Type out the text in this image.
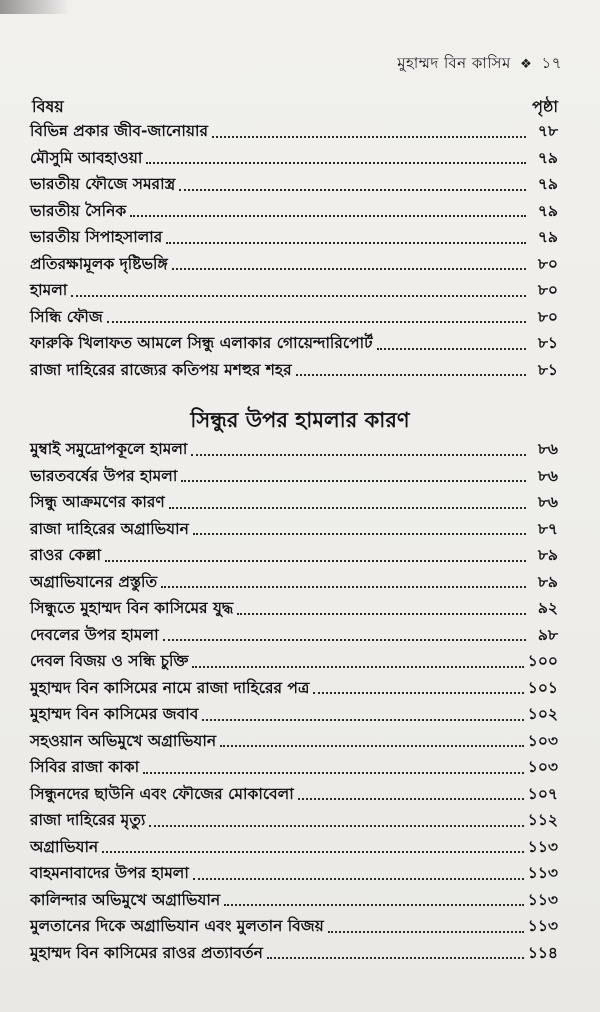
মুহাম্মদ বিন কাসিম ❖ ১৭
বিষয়	পৃষ্ঠা
বিভিন্ন প্রকার জীব-জানোয়ার	৭৮
মৌসুমি আবহাওয়া	৭৯
ভারতীয় ফৌজে সমরাস্ত্র	৭৯
ভারতীয় সৈনিক	৭৯
ভারতীয় সিপাহসালার	৭৯
প্রতিরক্ষামূলক দৃষ্টিভঙ্গি	৮০
হামলা	৮০
সিন্ধি ফৌজ	৮০
ফারুকি খিলাফত আমলে সিন্ধু এলাকার গোয়েন্দারিপোর্ট	৮১
রাজা দাহিরের রাজ্যের কতিপয় মশহুর শহর	৮১
সিন্ধুর উপর হামলার কারণ
মুম্বাই সমুদ্রোপকূলে হামলা	৮৬
ভারতবর্ষের উপর হামলা	৮৬
সিন্ধু আক্রমণের কারণ	৮৬
রাজা দাহিরের অগ্রাভিযান	৮৭
রাওর কেল্লা	৮৯
অগ্রাভিযানের প্রস্তুতি	৮৯
সিন্ধুতে মুহাম্মদ বিন কাসিমের যুদ্ধ	৯২
দেবলের উপর হামলা	৯৮
দেবল বিজয় ও সন্ধি চুক্তি	১০০
মুহাম্মদ বিন কাসিমের নামে রাজা দাহিরের পত্র	১০১
মুহাম্মদ বিন কাসিমের জবাব	১০২
সহওয়ান অভিমুখে অগ্রাভিযান	১০৩
সিবির রাজা কাকা	১০৩
সিন্ধুনদের ছাউনি এবং ফৌজের মোকাবেলা	১০৭
রাজা দাহিরের মৃত্যু	১১২
অগ্রাভিযান	১১৩
বাহমনাবাদের উপর হামলা	১১৩
কালিন্দার অভিমুখে অগ্রাভিযান	১১৩
মুলতানের দিকে অগ্রাভিযান এবং মুলতান বিজয়	১১৩
মুহাম্মদ বিন কাসিমের রাওর প্রত্যাবর্তন	১১৪
